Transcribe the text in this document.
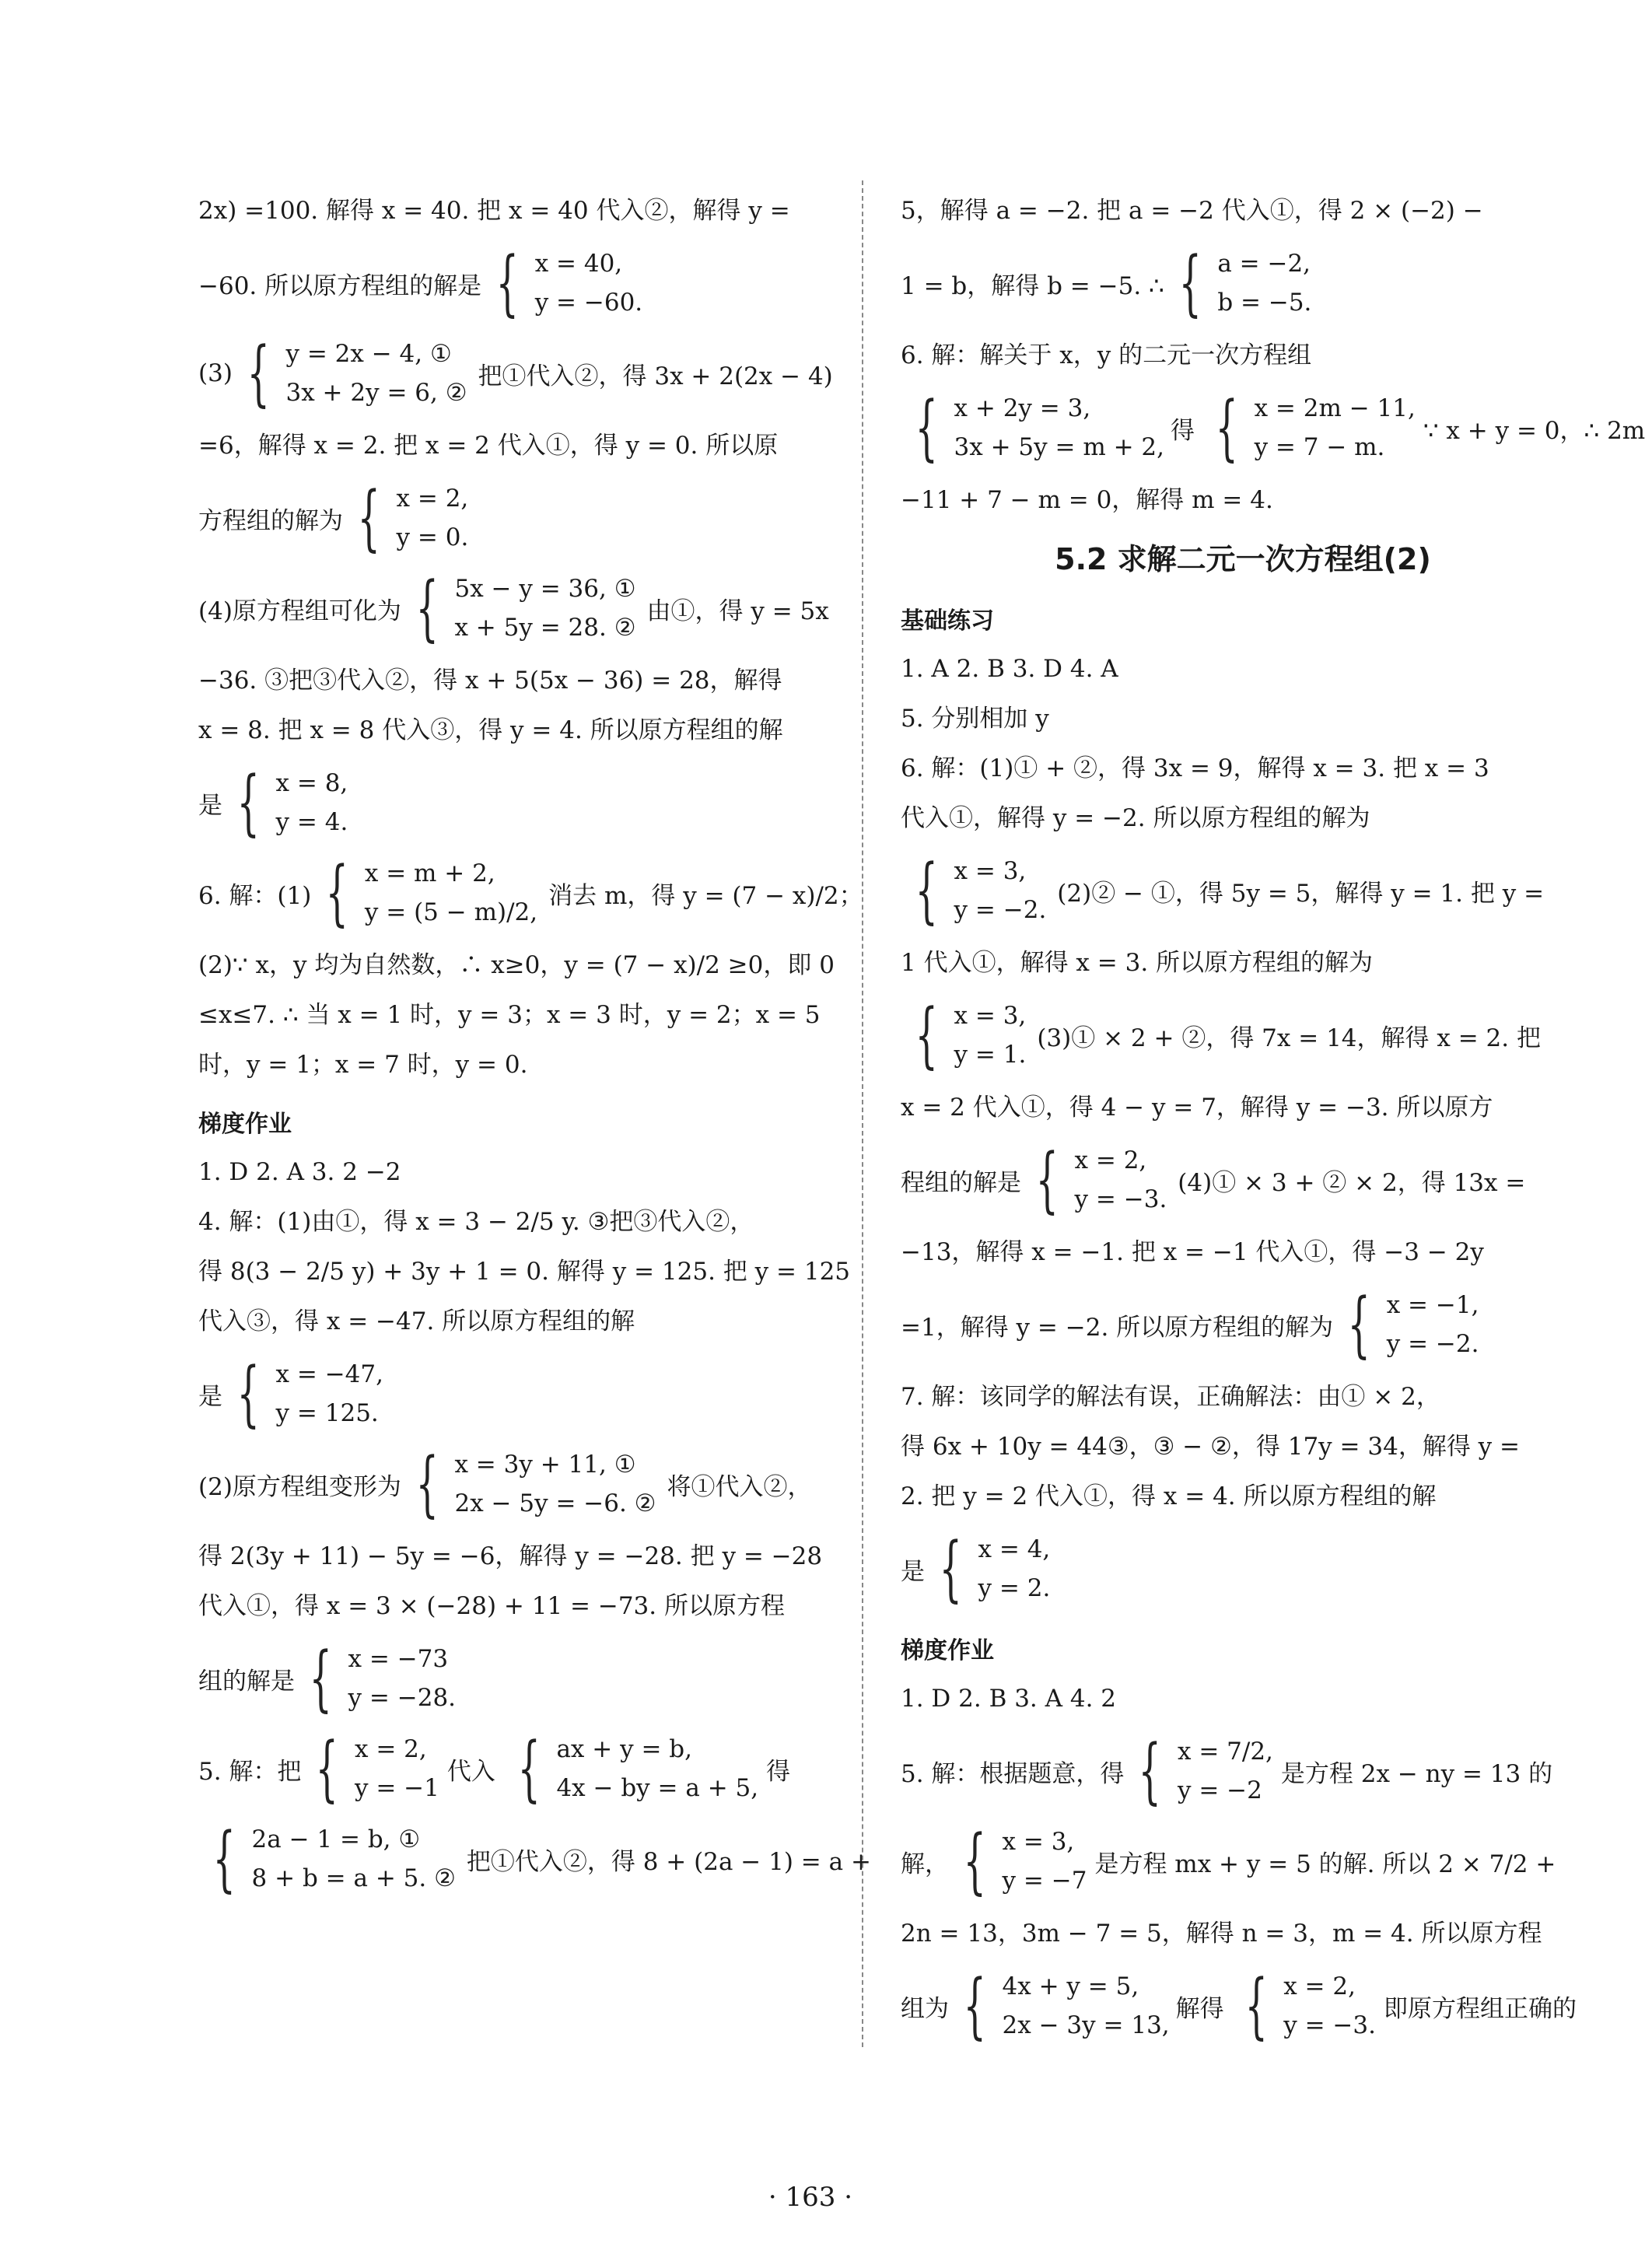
2x) =100. 解得 x = 40. 把 x = 40 代入②，解得 y =
−60. 所以原方程组的解是 { x = 40,
y = −60.
(3) { y = 2x − 4, ①
3x + 2y = 6, ②
把①代入②，得 3x + 2(2x − 4)
=6，解得 x = 2. 把 x = 2 代入①，得 y = 0. 所以原
方程组的解为 { x = 2,
y = 0.
(4)原方程组可化为 { 5x − y = 36, ①
x + 5y = 28. ②
由①，得 y = 5x
−36. ③把③代入②，得 x + 5(5x − 36) = 28，解得
x = 8. 把 x = 8 代入③，得 y = 4. 所以原方程组的解
是 { x = 8,
y = 4.
6. 解：(1) { x = m + 2,
y = (5 − m)/2,
消去 m，得 y = (7 − x)/2；
(2)∵ x，y 均为自然数，∴ x≥0，y = (7 − x)/2 ≥0，即 0
≤x≤7. ∴ 当 x = 1 时，y = 3；x = 3 时，y = 2；x = 5
时，y = 1；x = 7 时，y = 0.
梯度作业
1. D 2. A 3. 2 −2
4. 解：(1)由①，得 x = 3 − 2/5 y. ③把③代入②，
得 8(3 − 2/5 y) + 3y + 1 = 0. 解得 y = 125. 把 y = 125
代入③，得 x = −47. 所以原方程组的解
是 { x = −47,
y = 125.
(2)原方程组变形为 { x = 3y + 11, ①
2x − 5y = −6. ②
将①代入②，
得 2(3y + 11) − 5y = −6，解得 y = −28. 把 y = −28
代入①，得 x = 3 × (−28) + 11 = −73. 所以原方程
组的解是 { x = −73
y = −28.
5. 解：把 { x = 2,
y = −1
代入 { ax + y = b,
4x − by = a + 5,
得
{ 2a − 1 = b, ①
8 + b = a + 5. ②
把①代入②，得 8 + (2a − 1) = a +
5，解得 a = −2. 把 a = −2 代入①，得 2 × (−2) −
1 = b，解得 b = −5. ∴ { a = −2,
b = −5.
6. 解：解关于 x，y 的二元一次方程组
{ x + 2y = 3,
3x + 5y = m + 2,
得 { x = 2m − 11,
y = 7 − m.
∵ x + y = 0，∴ 2m
−11 + 7 − m = 0，解得 m = 4.
5.2 求解二元一次方程组(2)
基础练习
1. A 2. B 3. D 4. A
5. 分别相加 y
6. 解：(1)① + ②，得 3x = 9，解得 x = 3. 把 x = 3
代入①，解得 y = −2. 所以原方程组的解为
{ x = 3,
y = −2.
(2)② − ①，得 5y = 5，解得 y = 1. 把 y =
1 代入①，解得 x = 3. 所以原方程组的解为
{ x = 3,
y = 1.
(3)① × 2 + ②，得 7x = 14，解得 x = 2. 把
x = 2 代入①，得 4 − y = 7，解得 y = −3. 所以原方
程组的解是 { x = 2,
y = −3.
(4)① × 3 + ② × 2，得 13x =
−13，解得 x = −1. 把 x = −1 代入①，得 −3 − 2y
=1，解得 y = −2. 所以原方程组的解为 { x = −1,
y = −2.
7. 解：该同学的解法有误，正确解法：由① × 2，
得 6x + 10y = 44③，③ − ②，得 17y = 34，解得 y =
2. 把 y = 2 代入①，得 x = 4. 所以原方程组的解
是 { x = 4,
y = 2.
梯度作业
1. D 2. B 3. A 4. 2
5. 解：根据题意，得 { x = 7/2,
y = −2
是方程 2x − ny = 13 的
解， { x = 3,
y = −7
是方程 mx + y = 5 的解. 所以 2 × 7/2 +
2n = 13，3m − 7 = 5，解得 n = 3，m = 4. 所以原方程
组为 { 4x + y = 5,
2x − 3y = 13,
解得 { x = 2,
y = −3.
即原方程组正确的
· 163 ·
